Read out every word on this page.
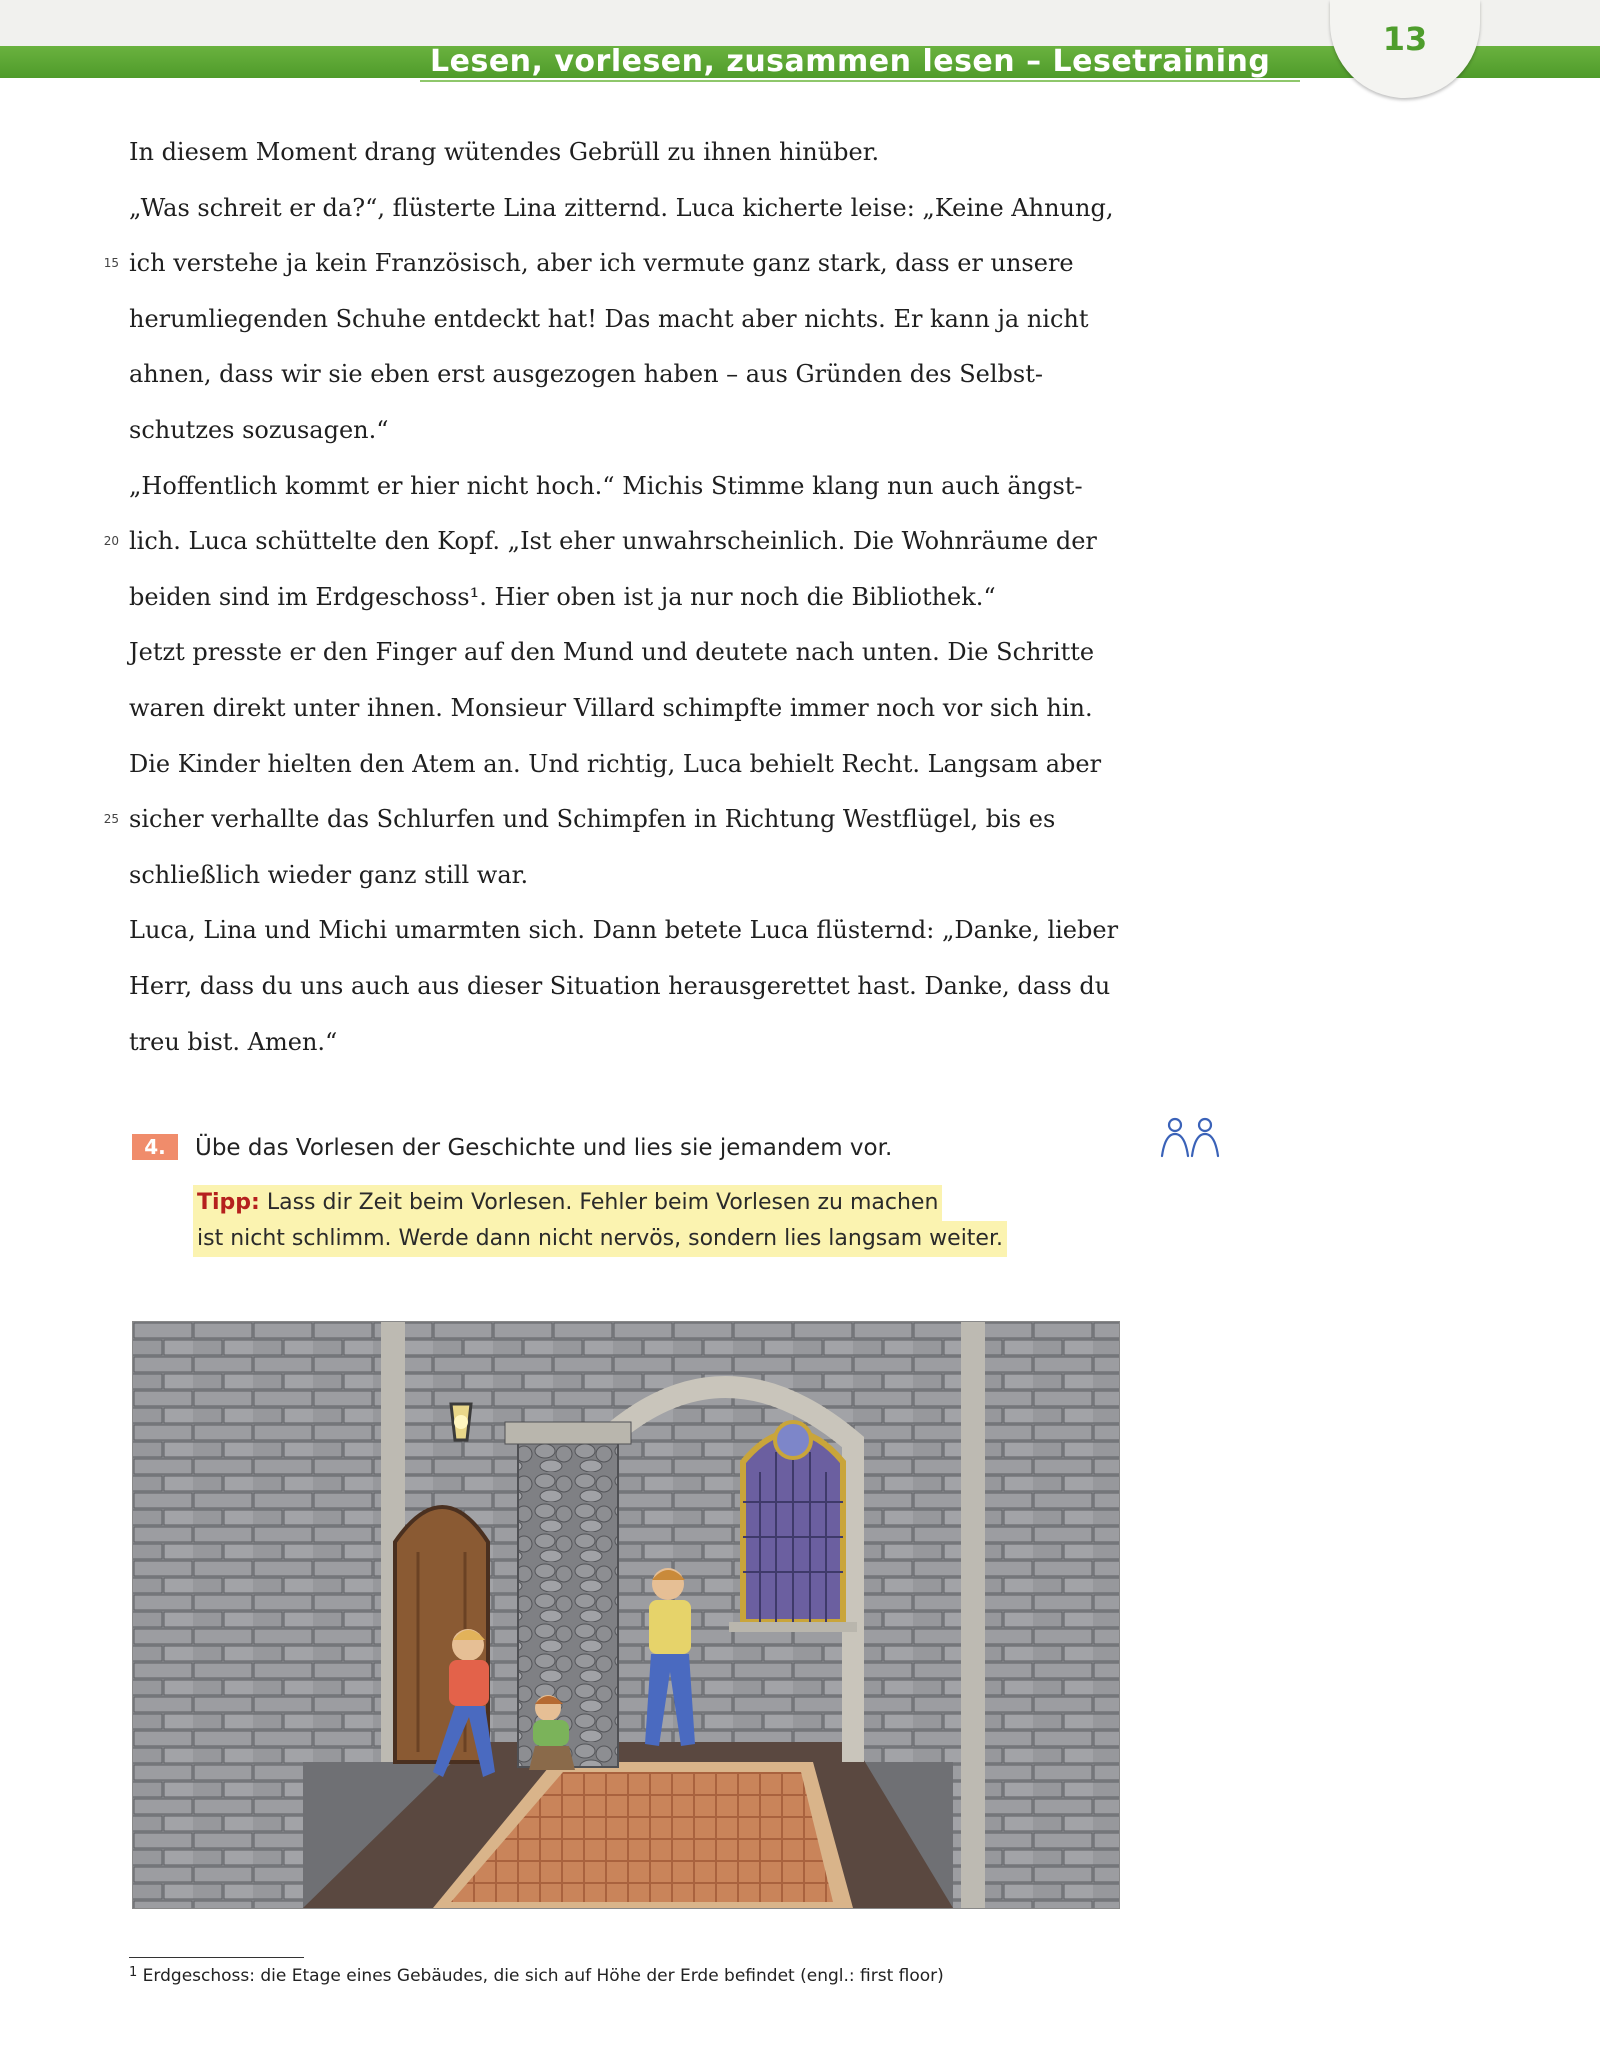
Lesen, vorlesen, zusammen lesen – Lesetraining
13
In diesem Moment drang wütendes Gebrüll zu ihnen hinüber.
„Was schreit er da?“, flüsterte Lina zitternd. Luca kicherte leise: „Keine Ahnung,
15 ich verstehe ja kein Französisch, aber ich vermute ganz stark, dass er unsere
herumliegenden Schuhe entdeckt hat! Das macht aber nichts. Er kann ja nicht
ahnen, dass wir sie eben erst ausgezogen haben – aus Gründen des Selbst-
schutzes sozusagen.“
„Hoffentlich kommt er hier nicht hoch.“ Michis Stimme klang nun auch ängst-
20 lich. Luca schüttelte den Kopf. „Ist eher unwahrscheinlich. Die Wohnräume der
beiden sind im Erdgeschoss¹. Hier oben ist ja nur noch die Bibliothek.“
Jetzt presste er den Finger auf den Mund und deutete nach unten. Die Schritte
waren direkt unter ihnen. Monsieur Villard schimpfte immer noch vor sich hin.
Die Kinder hielten den Atem an. Und richtig, Luca behielt Recht. Langsam aber
25 sicher verhallte das Schlurfen und Schimpfen in Richtung Westflügel, bis es
schließlich wieder ganz still war.
Luca, Lina und Michi umarmten sich. Dann betete Luca flüsternd: „Danke, lieber
Herr, dass du uns auch aus dieser Situation herausgerettet hast. Danke, dass du
treu bist. Amen.“
4.	Übe das Vorlesen der Geschichte und lies sie jemandem vor.
Tipp: Lass dir Zeit beim Vorlesen. Fehler beim Vorlesen zu machen
ist nicht schlimm. Werde dann nicht nervös, sondern lies langsam weiter.
$^1$ Erdgeschoss: die Etage eines Gebäudes, die sich auf Höhe der Erde befindet (engl.: first floor)
